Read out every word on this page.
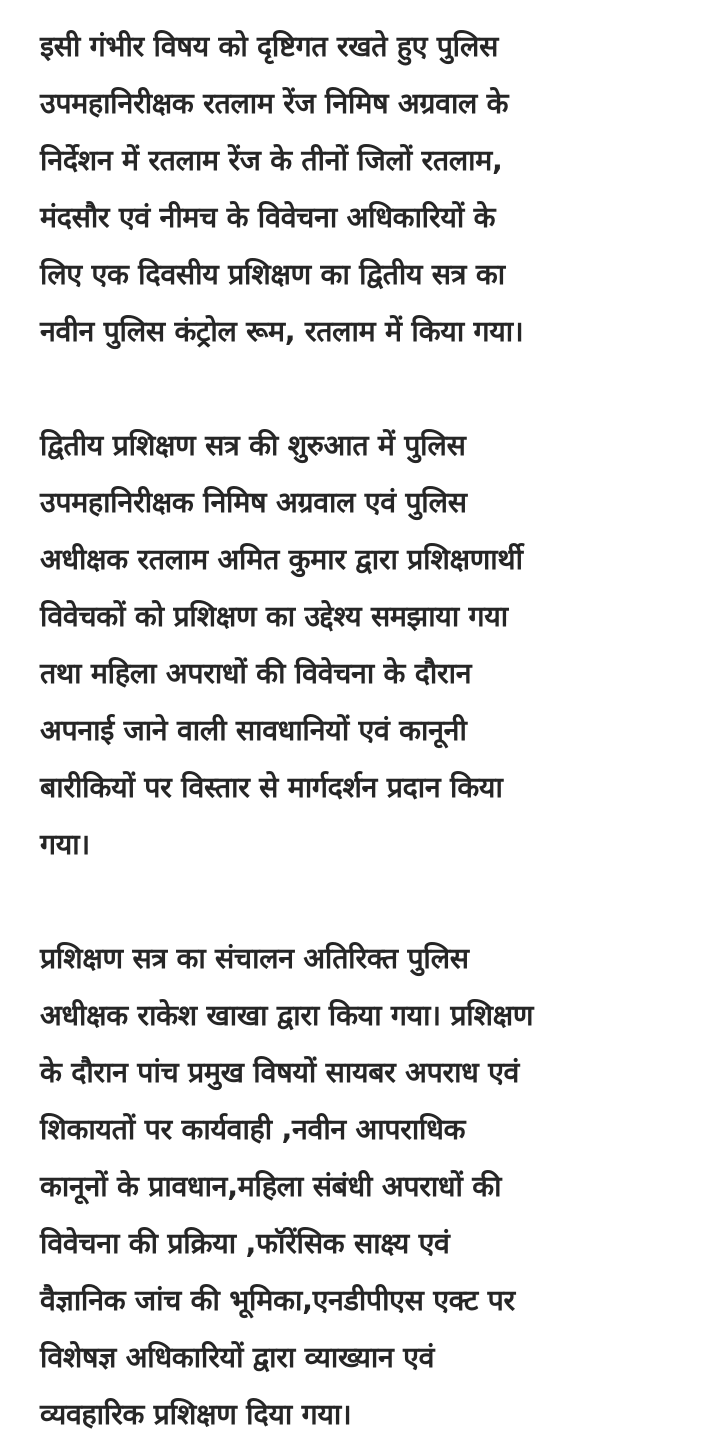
इसी गंभीर विषय को दृष्टिगत रखते हुए पुलिस
उपमहानिरीक्षक रतलाम रेंज निमिष अग्रवाल के
निर्देशन में रतलाम रेंज के तीनों जिलों रतलाम,
मंदसौर एवं नीमच के विवेचना अधिकारियों के
लिए एक दिवसीय प्रशिक्षण का द्वितीय सत्र का
नवीन पुलिस कंट्रोल रूम, रतलाम में किया गया।

द्वितीय प्रशिक्षण सत्र की शुरुआत में पुलिस
उपमहानिरीक्षक निमिष अग्रवाल एवं पुलिस
अधीक्षक रतलाम अमित कुमार द्वारा प्रशिक्षणार्थी
विवेचकों को प्रशिक्षण का उद्देश्य समझाया गया
तथा महिला अपराधों की विवेचना के दौरान
अपनाई जाने वाली सावधानियों एवं कानूनी
बारीकियों पर विस्तार से मार्गदर्शन प्रदान किया
गया।

प्रशिक्षण सत्र का संचालन अतिरिक्त पुलिस
अधीक्षक राकेश खाखा द्वारा किया गया। प्रशिक्षण
के दौरान पांच प्रमुख विषयों सायबर अपराध एवं
शिकायतों पर कार्यवाही ,नवीन आपराधिक
कानूनों के प्रावधान,महिला संबंधी अपराधों की
विवेचना की प्रक्रिया ,फॉरेंसिक साक्ष्य एवं
वैज्ञानिक जांच की भूमिका,एनडीपीएस एक्ट पर
विशेषज्ञ अधिकारियों द्वारा व्याख्यान एवं
व्यवहारिक प्रशिक्षण दिया गया।
